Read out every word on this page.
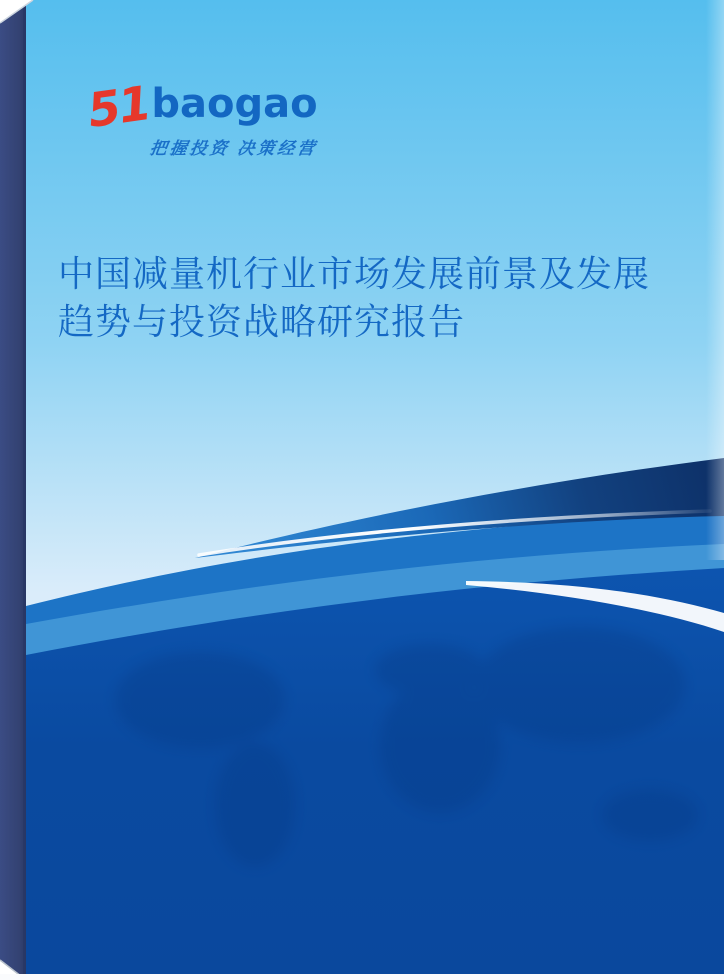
51baogao
把握投资 决策经营
中国减量机行业市场发展前景及发展
趋势与投资战略研究报告
